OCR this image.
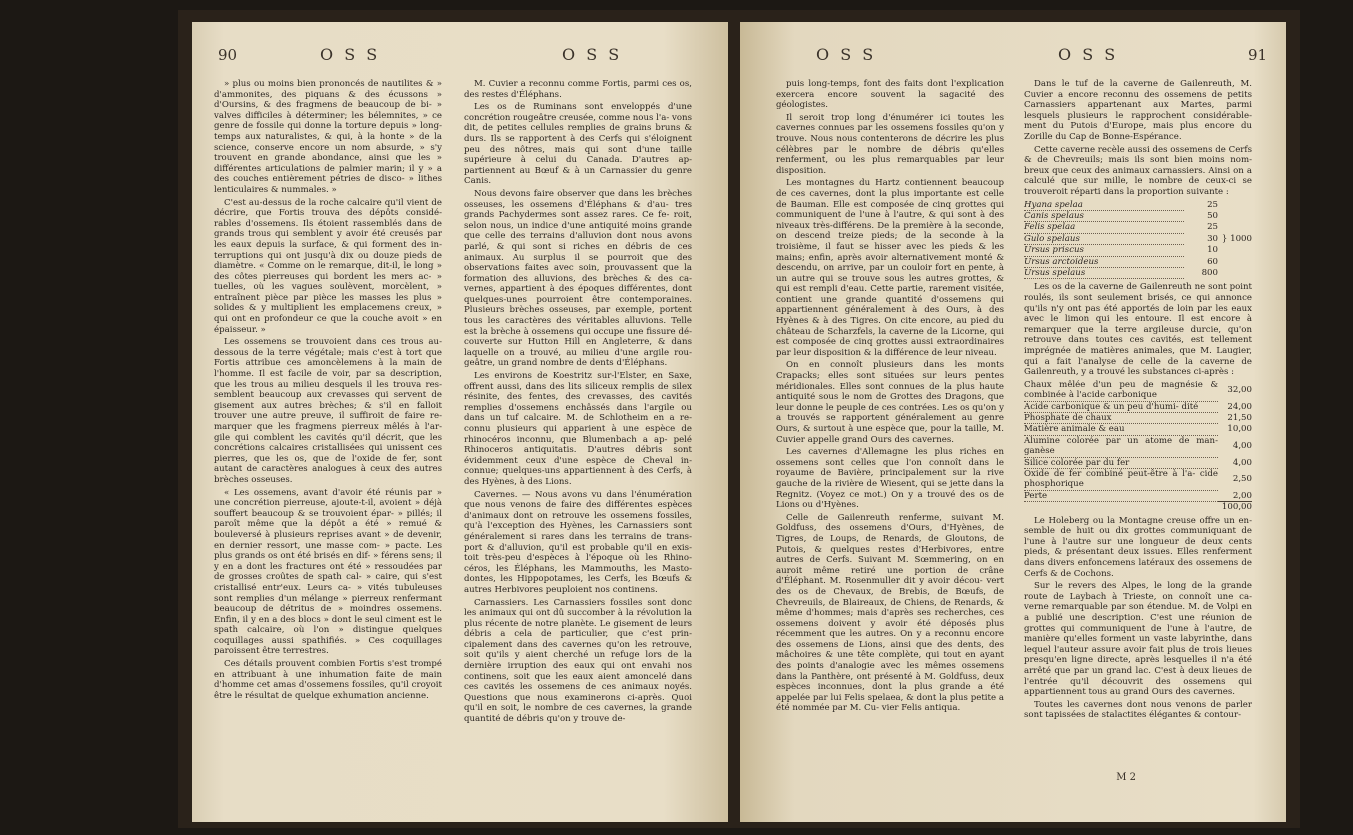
90	O S S	O S S

» plus ou moins bien prononcés de nautilites & » d'ammonites, des piquans & des écussons » d'Oursins, & des fragmens de beaucoup de bi- » valves difficiles à déterminer; les bélemnites, » ce genre de fossile qui donne la torture depuis » long-temps aux naturalistes, & qui, à la honte » de la science, conserve encore un nom absurde, » s'y trouvent en grande abondance, ainsi que les » différentes articulations de palmier marin; il y » a des couches entièrement pétries de disco- » lithes lenticulaires & nummales. »

C'est au-dessus de la roche calcaire qu'il vient de décrire, que Fortis trouva des dépôts considé- rables d'ossemens. Ils étoient rassemblés dans de grands trous qui semblent y avoir été creusés par les eaux depuis la surface, & qui forment des in- terruptions qui ont jusqu'à dix ou douze pieds de diamètre. « Comme on le remarque, dit-il, le long » des côtes pierreuses qui bordent les mers ac- » tuelles, où les vagues soulèvent, morcèlent, » entraînent pièce par pièce les masses les plus » solides & y multiplient les emplacemens creux, » qui ont en profondeur ce que la couche avoit » en épaisseur. »

Les ossemens se trouvoient dans ces trous au- dessous de la terre végétale; mais c'est à tort que Fortis attribue ces amoncèlemens à la main de l'homme. Il est facile de voir, par sa description, que les trous au milieu desquels il les trouva res- semblent beaucoup aux crevasses qui servent de gisement aux autres brèches; & s'il en falloit trouver une autre preuve, il suffiroit de faire re- marquer que les fragmens pierreux mêlés à l'ar- gile qui comblent les cavités qu'il décrit, que les concrétions calcaires cristallisées qui unissent ces pierres, que les os, que de l'oxide de fer, sont autant de caractères analogues à ceux des autres brèches osseuses.

« Les ossemens, avant d'avoir été réunis par » une concrétion pierreuse, ajoute-t-il, avoient » déjà souffert beaucoup & se trouvoient épar- » pillés; il paroît même que la dépôt a été » remué & bouleversé à plusieurs reprises avant » de devenir, en dernier ressort, une masse com- » pacte. Les plus grands os ont été brisés en dif- » férens sens; il y en a dont les fractures ont été » ressoudées par de grosses croûtes de spath cal- » caire, qui s'est cristallisé entr'eux. Leurs ca- » vités tubuleuses sont remplies d'un mélange » pierreux renfermant beaucoup de détritus de » moindres ossemens. Enfin, il y en a des blocs » dont le seul ciment est le spath calcaire, où l'on » distingue quelques coquillages aussi spathifiés. » Ces coquillages paroissent être terrestres.

Ces détails prouvent combien Fortis s'est trompé en attribuant à une inhumation faite de main d'homme cet amas d'ossemens fossiles, qu'il croyoit être le résultat de quelque exhumation ancienne.

M. Cuvier a reconnu comme Fortis, parmi ces os, des restes d'Éléphans.

Les os de Ruminans sont enveloppés d'une concrétion rougeâtre creusée, comme nous l'a- vons dit, de petites cellules remplies de grains bruns & durs. Ils se rapportent à des Cerfs qui s'éloignent peu des nôtres, mais qui sont d'une taille supérieure à celui du Canada. D'autres ap- partiennent au Bœuf & à un Carnassier du genre Canis.

Nous devons faire observer que dans les brèches osseuses, les ossemens d'Éléphans & d'au- tres grands Pachydermes sont assez rares. Ce fe- roit, selon nous, un indice d'une antiquité moins grande que celle des terrains d'alluvion dont nous avons parlé, & qui sont si riches en débris de ces animaux. Au surplus il se pourroit que des observations faites avec soin, prouvassent que la formation des alluvions, des brèches & des ca- vernes, appartient à des époques différentes, dont quelques-unes pourroient être contemporaines. Plusieurs brèches osseuses, par exemple, portent tous les caractères des véritables alluvions. Telle est la brèche à ossemens qui occupe une fissure dé- couverte sur Hutton Hill en Angleterre, & dans laquelle on a trouvé, au milieu d'une argile rou- geâtre, un grand nombre de dents d'Éléphans.

Les environs de Koestritz sur-l'Elster, en Saxe, offrent aussi, dans des lits siliceux remplis de silex résinite, des fentes, des crevasses, des cavités remplies d'ossemens enchâssés dans l'argile ou dans un tuf calcaire. M. de Schlotheim en a re- connu plusieurs qui apparient à une espèce de rhinocéros inconnu, que Blumenbach a ap- pelé Rhinoceros antiquitatis. D'autres débris sont évidemment ceux d'une espèce de Cheval in- connue; quelques-uns appartiennent à des Cerfs, à des Hyènes, à des Lions.

Cavernes. — Nous avons vu dans l'énumération que nous venons de faire des différentes espèces d'animaux dont on retrouve les ossemens fossiles, qu'à l'exception des Hyènes, les Carnassiers sont généralement si rares dans les terrains de trans- port & d'alluvion, qu'il est probable qu'il en exis- toit très-peu d'espèces à l'époque où les Rhino- céros, les Éléphans, les Mammouths, les Masto- dontes, les Hippopotames, les Cerfs, les Bœufs & autres Herbivores peuploient nos continens.

Carnassiers. Les Carnassiers fossiles sont donc les animaux qui ont dû succomber à la révolution la plus récente de notre planète. Le gisement de leurs débris a cela de particulier, que c'est prin- cipalement dans des cavernes qu'on les retrouve, soit qu'ils y aient cherché un refuge lors de la dernière irruption des eaux qui ont envahi nos continens, soit que les eaux aient amoncelé dans ces cavités les ossemens de ces animaux noyés. Questions que nous examinerons ci-après. Quoi qu'il en soit, le nombre de ces cavernes, la grande quantité de débris qu'on y trouve de-

O S S	O S S	91

puis long-temps, font des faits dont l'explication exercera encore souvent la sagacité des géologistes.

Il seroit trop long d'énumérer ici toutes les cavernes connues par les ossemens fossiles qu'on y trouve. Nous nous contenterons de décrire les plus célèbres par le nombre de débris qu'elles renferment, ou les plus remarquables par leur disposition.

Les montagnes du Hartz contiennent beaucoup de ces cavernes, dont la plus importante est celle de Bauman. Elle est composée de cinq grottes qui communiquent de l'une à l'autre, & qui sont à des niveaux très-différens. De la première à la seconde, on descend treize pieds; de la seconde à la troisième, il faut se hisser avec les pieds & les mains; enfin, après avoir alternativement monté & descendu, on arrive, par un couloir fort en pente, à un autre qui se trouve sous les autres grottes, & qui est rempli d'eau. Cette partie, rarement visitée, contient une grande quantité d'ossemens qui appartiennent généralement à des Ours, à des Hyènes & à des Tigres. On cite encore, au pied du château de Scharzfels, la caverne de la Licorne, qui est composée de cinq grottes aussi extraordinaires par leur disposition & la différence de leur niveau.

On en connoît plusieurs dans les monts Crapacks; elles sont situées sur leurs pentes méridionales. Elles sont connues de la plus haute antiquité sous le nom de Grottes des Dragons, que leur donne le peuple de ces contrées. Les os qu'on y a trouvés se rapportent généralement au genre Ours, & surtout à une espèce que, pour la taille, M. Cuvier appelle grand Ours des cavernes.

Les cavernes d'Allemagne les plus riches en ossemens sont celles que l'on connoît dans le royaume de Bavière, principalement sur la rive gauche de la rivière de Wiesent, qui se jette dans la Regnitz. (Voyez ce mot.) On y a trouvé des os de Lions ou d'Hyènes.

Celle de Gailenreuth renferme, suivant M. Goldfuss, des ossemens d'Ours, d'Hyènes, de Tigres, de Loups, de Renards, de Gloutons, de Putois, & quelques restes d'Herbivores, entre autres de Cerfs. Suivant M. Sœmmering, on en auroit même retiré une portion de crâne d'Éléphant. M. Rosenmuller dit y avoir décou- vert des os de Chevaux, de Brebis, de Bœufs, de Chevreuils, de Blaireaux, de Chiens, de Renards, & même d'hommes; mais d'après ses recherches, ces ossemens doivent y avoir été déposés plus récemment que les autres. On y a reconnu encore des ossemens de Lions, ainsi que des dents, des mâchoires & une tête complète, qui tout en ayant des points d'analogie avec les mêmes ossemens dans la Panthère, ont présenté à M. Goldfuss, deux espèces inconnues, dont la plus grande a été appelée par lui Felis spelaea, & dont la plus petite a été nommée par M. Cu- vier Felis antiqua.

Dans le tuf de la caverne de Gailenreuth, M. Cuvier a encore reconnu des ossemens de petits Carnassiers appartenant aux Martes, parmi lesquels plusieurs le rapprochent considérable- ment du Putois d'Europe, mais plus encore du Zorille du Cap de Bonne-Espérance.

Cette caverne recèle aussi des ossemens de Cerfs & de Chevreuils; mais ils sont bien moins nom- breux que ceux des animaux carnassiers. Ainsi on a calculé que sur mille, le nombre de ceux-ci se trouveroit réparti dans la proportion suivante :

Hyana spelaa	25	} 1000
Canis spelaus	50	
Felis spelaa	25	
Gulo spelaus	30	
Ursus priscus	10	
Ursus arctoideus	60	
Ursus spelaus	800	

Les os de la caverne de Gailenreuth ne sont point roulés, ils sont seulement brisés, ce qui annonce qu'ils n'y ont pas été apportés de loin par les eaux avec le limon qui les entoure. Il est encore à remarquer que la terre argileuse durcie, qu'on retrouve dans toutes ces cavités, est tellement imprégnée de matières animales, que M. Laugier, qui a fait l'analyse de celle de la caverne de Gailenreuth, y a trouvé les substances ci-après :

Chaux mêlée d'un peu de magnésie & combinée à l'acide carbonique	32,00
Acide carbonique & un peu d'humi- dité	24,00
Phosphate de chaux	21,50
Matière animale & eau	10,00
Alumine colorée par un atome de man- ganèse	4,00
Silice colorée par du fer	4,00
Oxide de fer combiné peut-être à l'a- cide phosphorique	2,50
Perte	2,00
	100,00

Le Holeberg ou la Montagne creuse offre un en- semble de huit ou dix grottes communiquant de l'une à l'autre sur une longueur de deux cents pieds, & présentant deux issues. Elles renferment dans divers enfoncemens latéraux des ossemens de Cerfs & de Cochons.

Sur le revers des Alpes, le long de la grande route de Laybach à Trieste, on connoît une ca- verne remarquable par son étendue. M. de Volpi en a publié une description. C'est une réunion de grottes qui communiquent de l'une à l'autre, de manière qu'elles forment un vaste labyrinthe, dans lequel l'auteur assure avoir fait plus de trois lieues presqu'en ligne directe, après lesquelles il n'a été arrêté que par un grand lac. C'est à deux lieues de l'entrée qu'il découvrit des ossemens qui appartiennent tous au grand Ours des cavernes.

Toutes les cavernes dont nous venons de parler sont tapissées de stalactites élégantes & contour-

M 2
